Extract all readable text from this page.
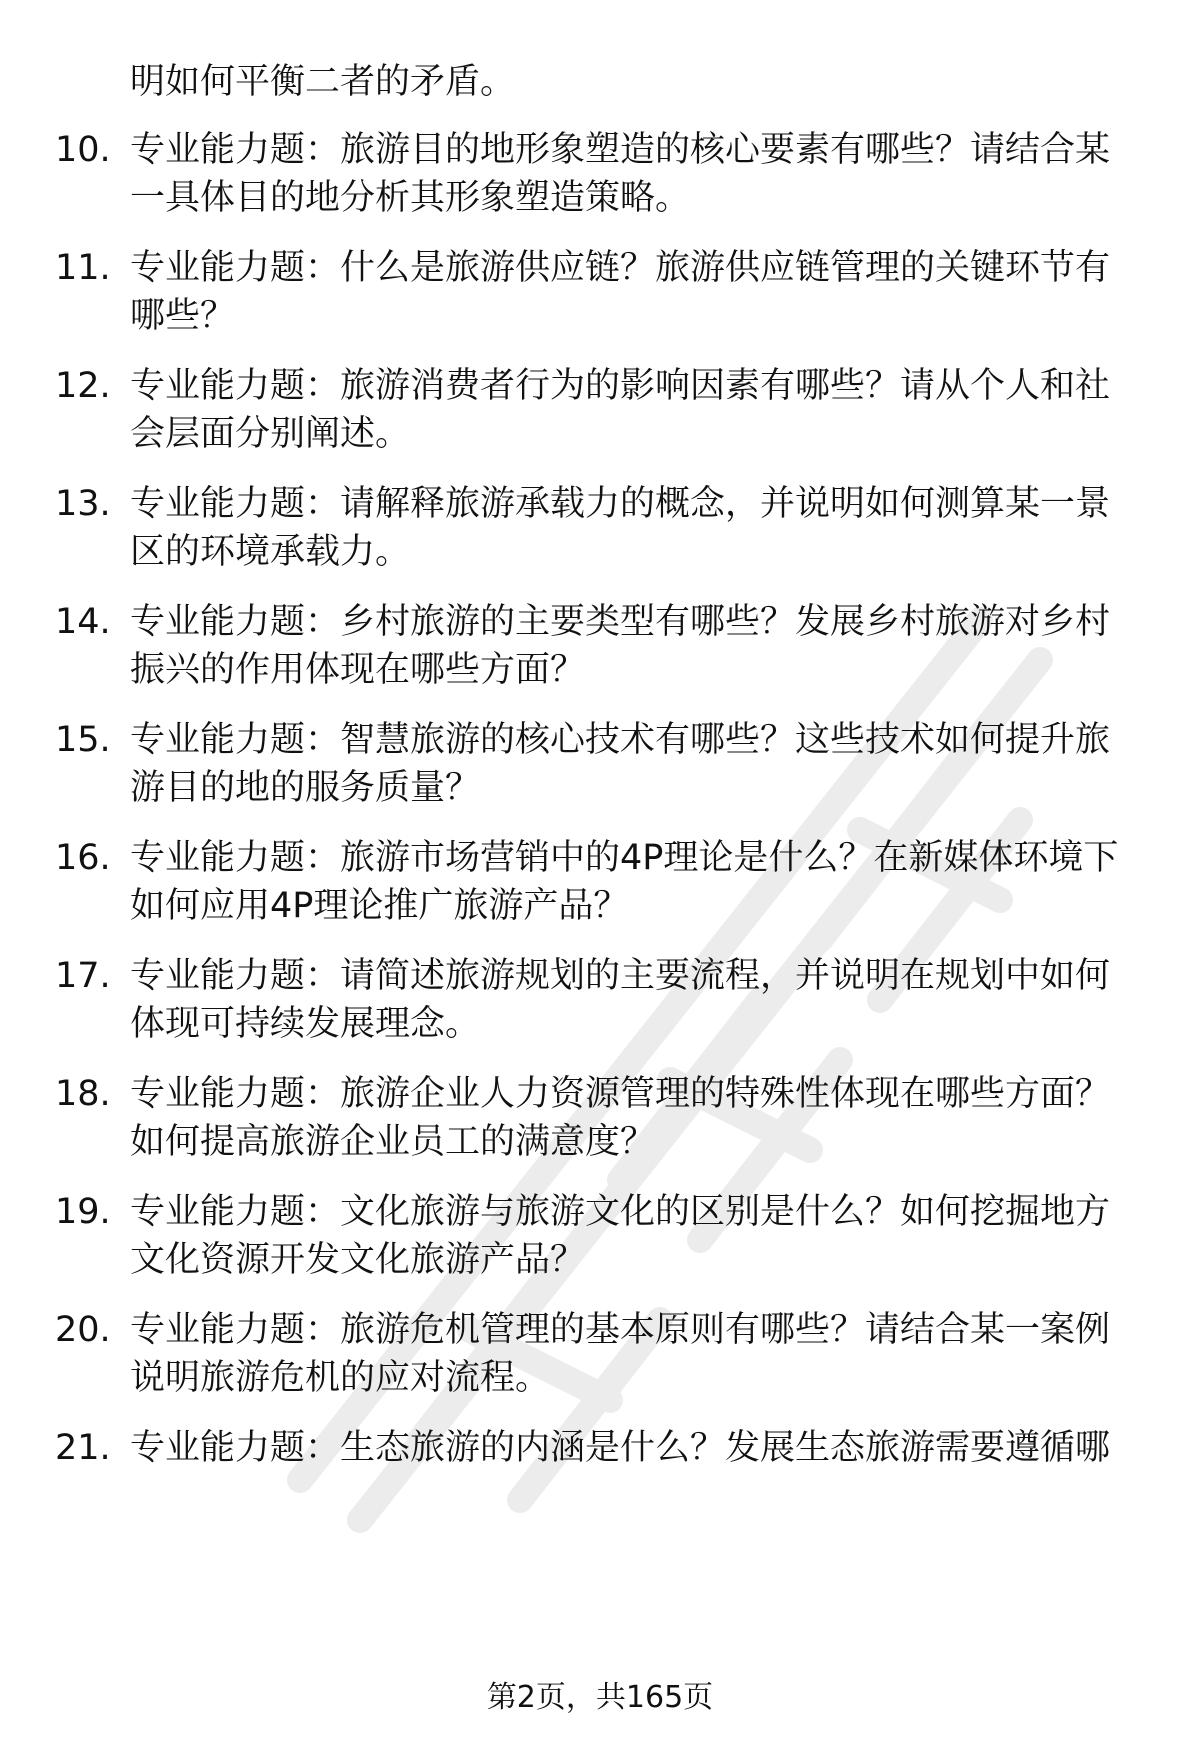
明如何平衡二者的矛盾。
10. 专业能力题：旅游目的地形象塑造的核心要素有哪些？请结合某
一具体目的地分析其形象塑造策略。
11. 专业能力题：什么是旅游供应链？旅游供应链管理的关键环节有
哪些？
12. 专业能力题：旅游消费者行为的影响因素有哪些？请从个人和社
会层面分别阐述。
13. 专业能力题：请解释旅游承载力的概念，并说明如何测算某一景
区的环境承载力。
14. 专业能力题：乡村旅游的主要类型有哪些？发展乡村旅游对乡村
振兴的作用体现在哪些方面？
15. 专业能力题：智慧旅游的核心技术有哪些？这些技术如何提升旅
游目的地的服务质量？
16. 专业能力题：旅游市场营销中的4P理论是什么？在新媒体环境下
如何应用4P理论推广旅游产品？
17. 专业能力题：请简述旅游规划的主要流程，并说明在规划中如何
体现可持续发展理念。
18. 专业能力题：旅游企业人力资源管理的特殊性体现在哪些方面？
如何提高旅游企业员工的满意度？
19. 专业能力题：文化旅游与旅游文化的区别是什么？如何挖掘地方
文化资源开发文化旅游产品？
20. 专业能力题：旅游危机管理的基本原则有哪些？请结合某一案例
说明旅游危机的应对流程。
21. 专业能力题：生态旅游的内涵是什么？发展生态旅游需要遵循哪
第2页，共165页
